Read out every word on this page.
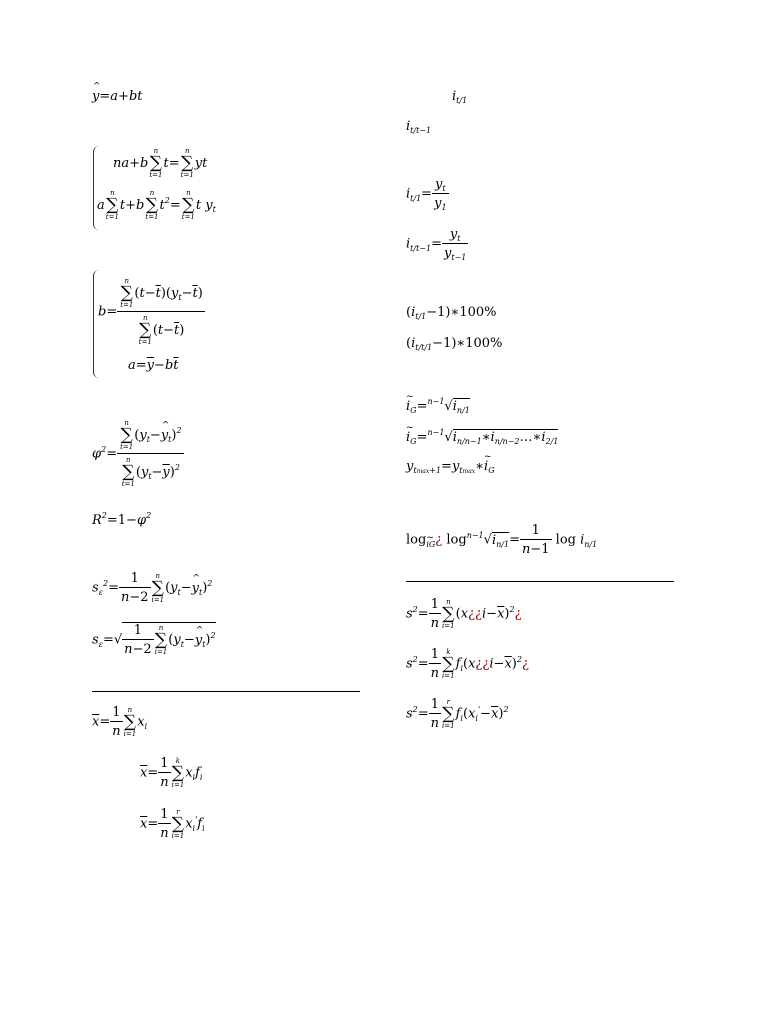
^ y=a+bt
na+b
n
∑
t=1
t=
n
∑
t=1
yt
a
n
∑
t=1
t+b
n
∑
t=1
$t^2=$
n
∑
t=1
t $y_t$
b= n
∑
t=1
$(t-\overline{t})(y_t-\overline{t})$
n
∑
t=1
$(t-\overline{t})$
$a=\overline{y}-b\overline{t}$
$\varphi^2= n$
∑
t=1
($y_t-\^{}$ $y_t)^2$
n
∑
t=1
$(y_t-\overline{y})^2$
$R^2=1-\varphi^2$
$s_\varepsilon^2= \frac{1}{n-2}$ n
∑
i=1
($y_t-\^{}$ $y_t)^2$
$s_\varepsilon=√ \frac{1}{n-2}$ n
∑
i=1
($y_t-\^{}$ $y_t)^2$
$\overline{x}= \frac{1}{n}$ n
∑
i=1
$x_i$
$\overline{x}= \frac{1}{n}$ k
∑
i=1
$x_if_i$
$\overline{x}= \frac{1}{n}$ r
∑
i=1
$x_i'f_i$
$i_{t/1}$
$i_{t/t-1}$
$i_{t/1}= \frac{y_t}{y_1}$
$i_{t/t-1}= \frac{y_t}{y_{t-1}}$
$(i_{t/1}-1)∗100\%$
$(i_{t/t/1}-1)∗100\%$
~ $i_G=^{n-1}√i_{n/1}$
~ $i_G=^{n-1}√i_{n/n-1}∗i_{n/n-2}\dots∗i_{2/1}$
$y_{tmax+1}=y_{tmax}∗\sim$ $i_G$
log~ $_{iG}$¿ $\log^{n-1}√i_{n/1}= \frac{1}{n-1}$ $\log i_{n/1}$
$s^2= \frac{1}{n}$ n
∑
i=1
$(x¿¿i-\overline{x})^2¿$
$s^2= \frac{1}{n}$ k
∑
i=1
$f_i(x¿¿i-\overline{x})^2¿$
$s^2= \frac{1}{n}$ r
∑
i=1
$f_i(x_i'-\overline{x})^2$
